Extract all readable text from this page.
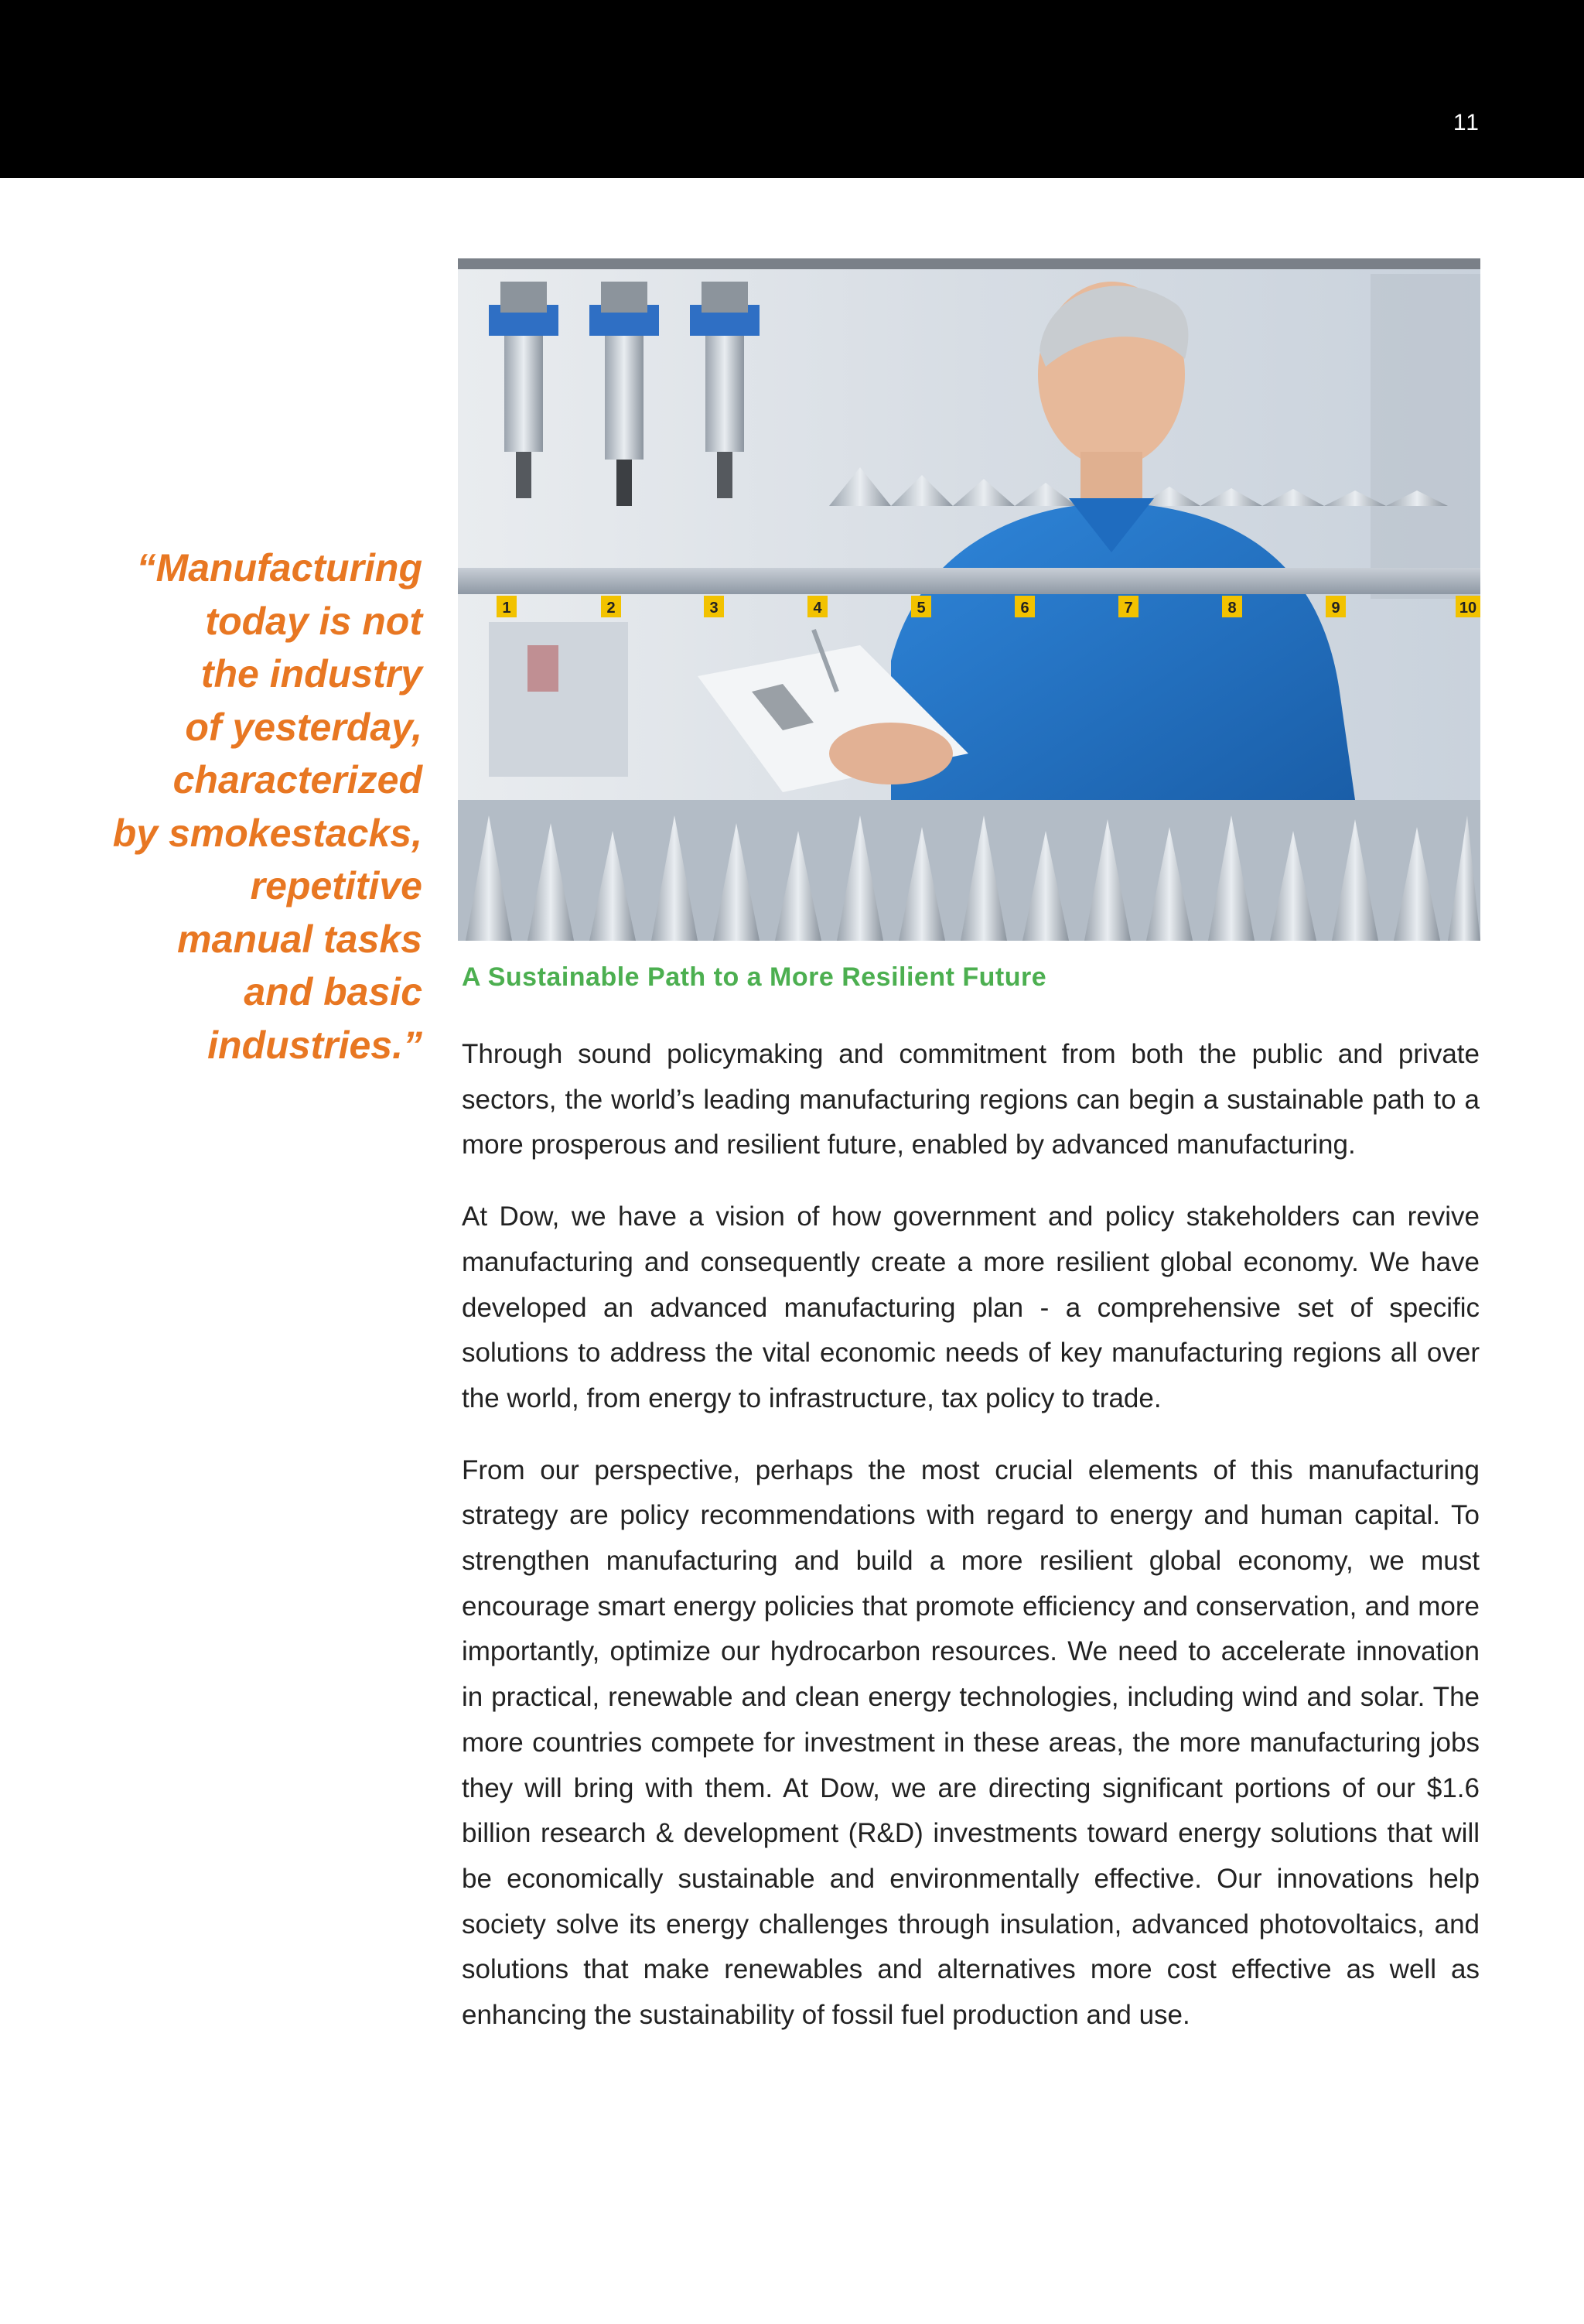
11
“Manufacturing
today is not
the industry
of yesterday,
characterized
by smokestacks,
repetitive
manual tasks
and basic
industries.”
1	2	3	4	5	6	7	8	9	10
A Sustainable Path to a More Resilient Future

Through sound policymaking and commitment from both the public and private sectors, the world’s leading manufacturing regions can begin a sustainable path to a more prosperous and resilient future, enabled by advanced manufacturing.

At Dow, we have a vision of how government and policy stakeholders can revive manufacturing and consequently create a more resilient global economy. We have developed an advanced manufacturing plan - a comprehensive set of specific solutions to address the vital economic needs of key manufacturing regions all over the world, from energy to infrastructure, tax policy to trade.

From our perspective, perhaps the most crucial elements of this manufacturing strategy are policy recommendations with regard to energy and human capital. To strengthen manufacturing and build a more resilient global economy, we must encourage smart energy policies that promote efficiency and conservation, and more importantly, optimize our hydrocarbon resources. We need to accelerate innovation in practical, renewable and clean energy technologies, including wind and solar. The more countries compete for investment in these areas, the more manufacturing jobs they will bring with them. At Dow, we are directing significant portions of our $1.6 billion research & development (R&D) investments toward energy solutions that will be economically sustainable and environmentally effective. Our innovations help society solve its energy challenges through insulation, advanced photovoltaics, and solutions that make renewables and alternatives more cost effective as well as enhancing the sustainability of fossil fuel production and use.
